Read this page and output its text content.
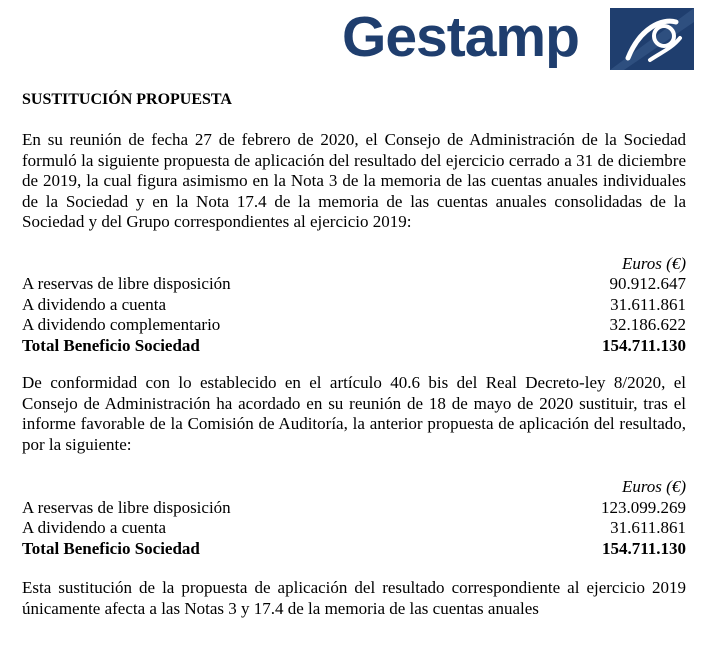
Gestamp

SUSTITUCIÓN PROPUESTA

En su reunión de fecha 27 de febrero de 2020, el Consejo de Administración de la Sociedad formuló la siguiente propuesta de aplicación del resultado del ejercicio cerrado a 31 de diciembre de 2019, la cual figura asimismo en la Nota 3 de la memoria de las cuentas anuales individuales de la Sociedad y en la Nota 17.4 de la memoria de las cuentas anuales consolidadas de la Sociedad y del Grupo correspondientes al ejercicio 2019:

Euros (€)	
A reservas de libre disposición	90.912.647
A dividendo a cuenta	31.611.861
A dividendo complementario	32.186.622
Total Beneficio Sociedad	154.711.130

De conformidad con lo establecido en el artículo 40.6 bis del Real Decreto-ley 8/2020, el Consejo de Administración ha acordado en su reunión de 18 de mayo de 2020 sustituir, tras el informe favorable de la Comisión de Auditoría, la anterior propuesta de aplicación del resultado, por la siguiente:

Euros (€)	
A reservas de libre disposición	123.099.269
A dividendo a cuenta	31.611.861
Total Beneficio Sociedad	154.711.130

Esta sustitución de la propuesta de aplicación del resultado correspondiente al ejercicio 2019 únicamente afecta a las Notas 3 y 17.4 de la memoria de las cuentas anuales
